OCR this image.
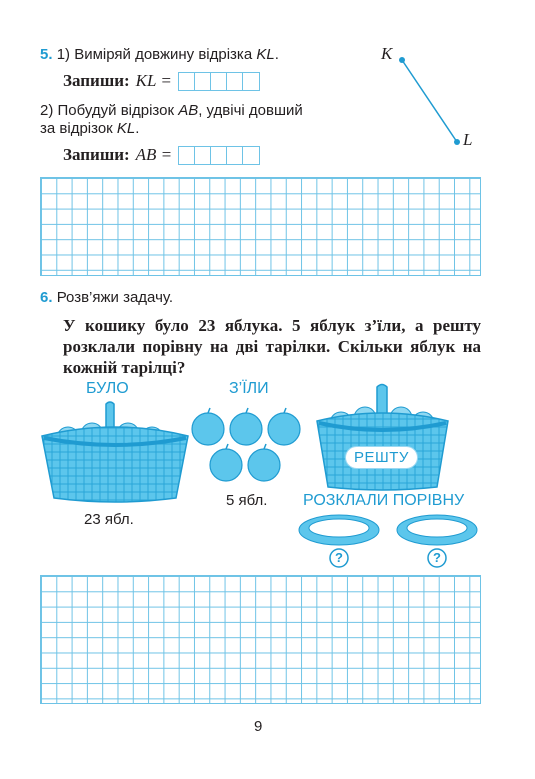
5. 1) Виміряй довжину відрізка KL.
Запиши: KL =
2) Побудуй відрізок AB, удвічі довший
за відрізок KL.
Запиши: AB =
K
L
6. Розв’яжи задачу.
У кошику було 23 яблука. 5 яблук з’їли, а решту розклали порівну на дві тарілки. Скільки яблук на кожній тарілці?
БУЛО	З’ЇЛИ
РОЗКЛАЛИ ПОРІВНУ
23 ябл.
5 ябл.
РЕШТУ
?	?
9
